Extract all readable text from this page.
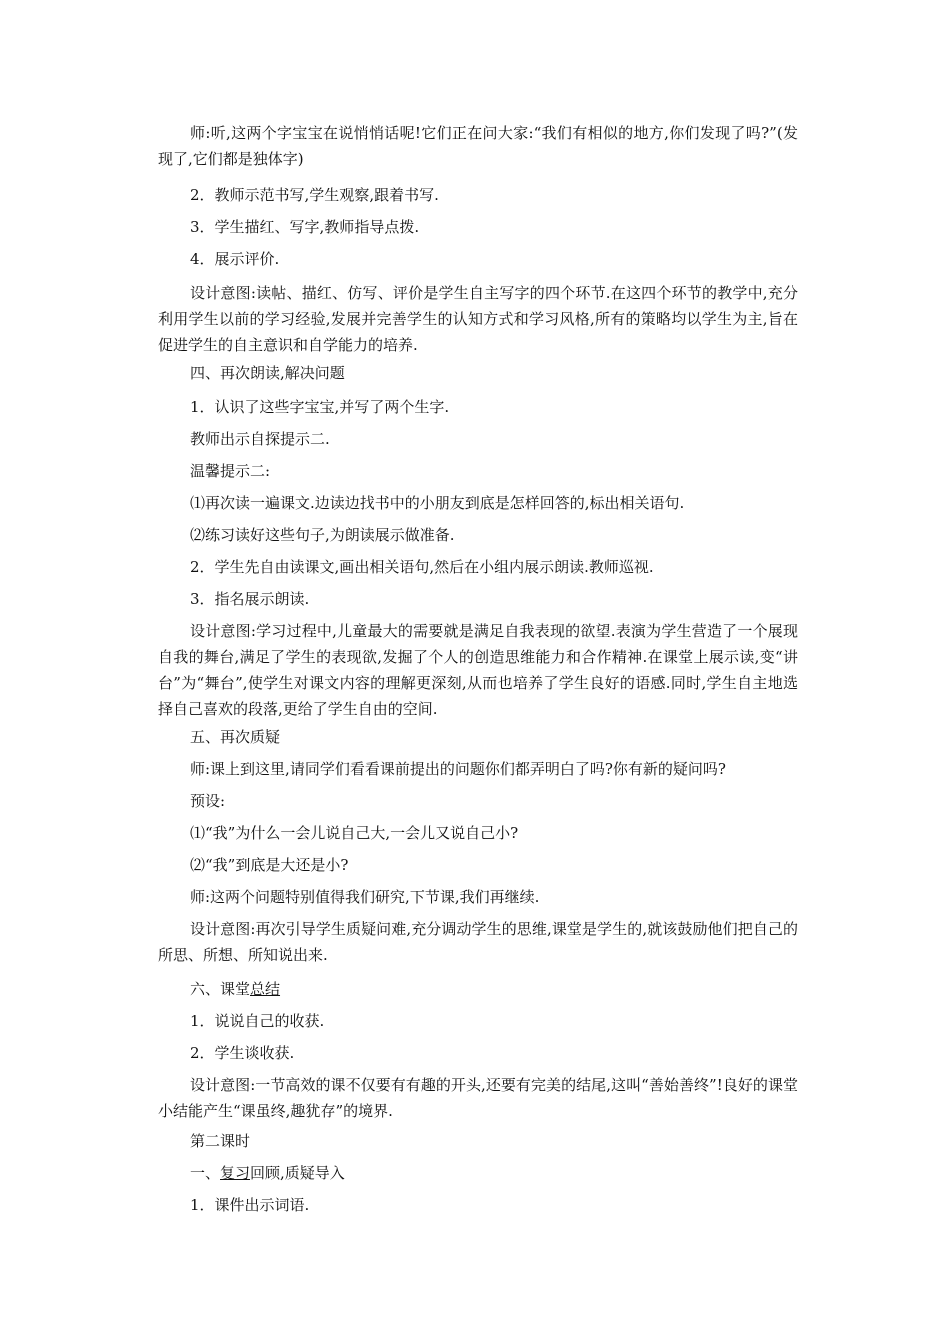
师:听,这两个字宝宝在说悄悄话呢!它们正在问大家:“我们有相似的地方,你们发现了吗?”(发现了,它们都是独体字)

2．教师示范书写,学生观察,跟着书写.

3．学生描红、写字,教师指导点拨.

4．展示评价.

设计意图:读帖、描红、仿写、评价是学生自主写字的四个环节.在这四个环节的教学中,充分利用学生以前的学习经验,发展并完善学生的认知方式和学习风格,所有的策略均以学生为主,旨在促进学生的自主意识和自学能力的培养.

四、再次朗读,解决问题

1．认识了这些字宝宝,并写了两个生字.

教师出示自探提示二.

温馨提示二:

⑴再次读一遍课文.边读边找书中的小朋友到底是怎样回答的,标出相关语句.

⑵练习读好这些句子,为朗读展示做准备.

2．学生先自由读课文,画出相关语句,然后在小组内展示朗读.教师巡视.

3．指名展示朗读.

设计意图:学习过程中,儿童最大的需要就是满足自我表现的欲望.表演为学生营造了一个展现自我的舞台,满足了学生的表现欲,发掘了个人的创造思维能力和合作精神.在课堂上展示读,变“讲台”为“舞台”,使学生对课文内容的理解更深刻,从而也培养了学生良好的语感.同时,学生自主地选择自己喜欢的段落,更给了学生自由的空间.

五、再次质疑

师:课上到这里,请同学们看看课前提出的问题你们都弄明白了吗?你有新的疑问吗?

预设:

⑴“我”为什么一会儿说自己大,一会儿又说自己小?

⑵“我”到底是大还是小?

师:这两个问题特别值得我们研究,下节课,我们再继续.

设计意图:再次引导学生质疑问难,充分调动学生的思维,课堂是学生的,就该鼓励他们把自己的所思、所想、所知说出来.

六、课堂总结

1．说说自己的收获.

2．学生谈收获.

设计意图:一节高效的课不仅要有有趣的开头,还要有完美的结尾,这叫“善始善终”!良好的课堂小结能产生“课虽终,趣犹存”的境界.

第二课时

一、复习回顾,质疑导入

1．课件出示词语.
